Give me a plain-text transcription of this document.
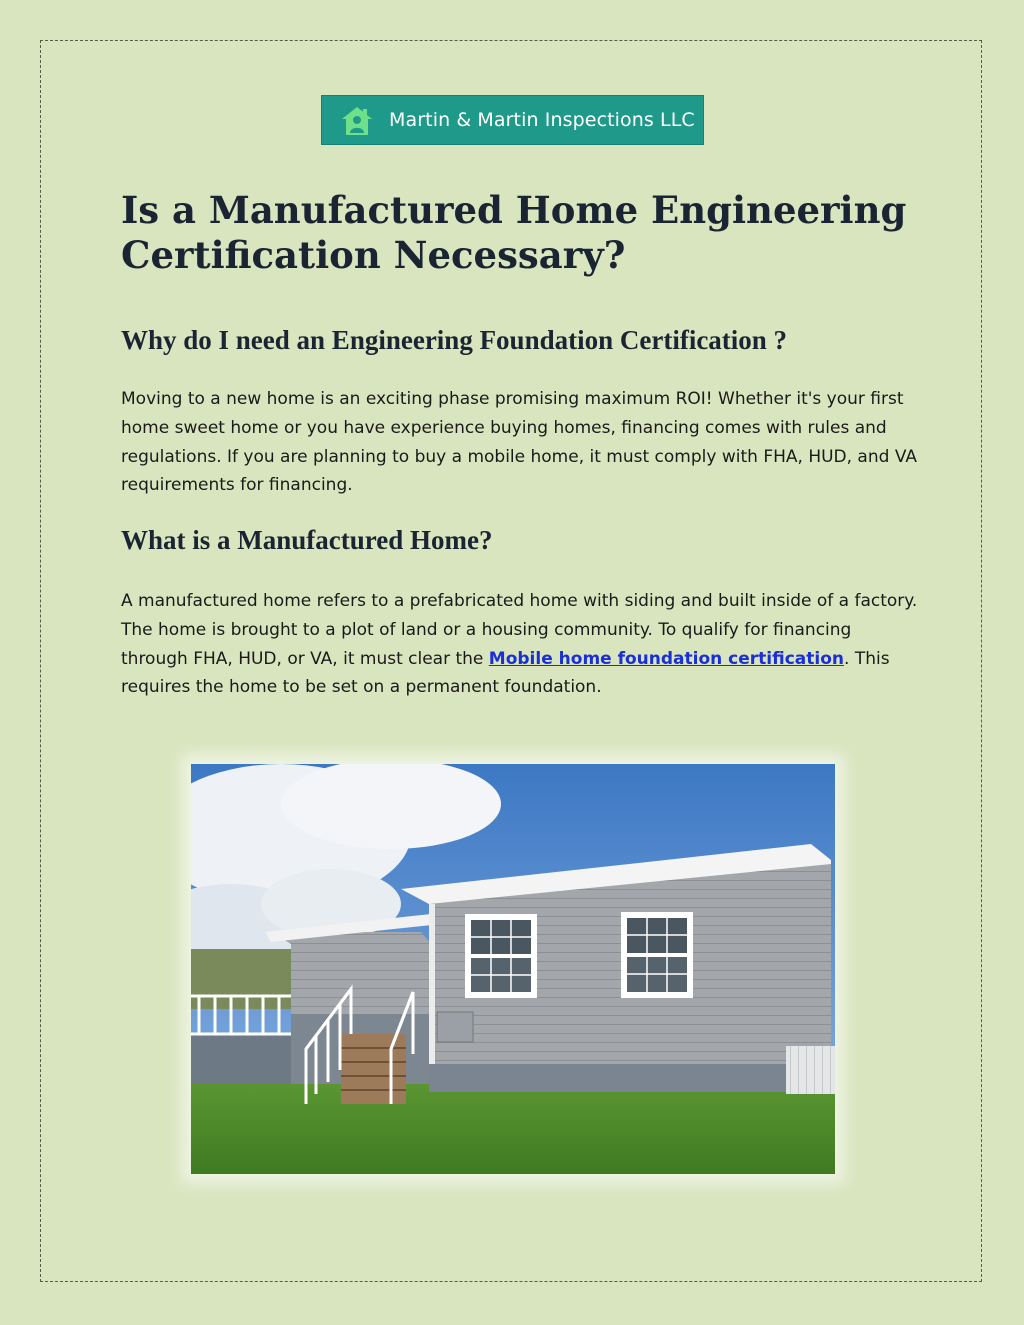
Martin & Martin Inspections LLC
Is a Manufactured Home Engineering Certification Necessary?
Why do I need an Engineering Foundation Certification ?

Moving to a new home is an exciting phase promising maximum ROI! Whether it's your first home sweet home or you have experience buying homes, financing comes with rules and regulations. If you are planning to buy a mobile home, it must comply with FHA, HUD, and VA requirements for financing.

What is a Manufactured Home?

A manufactured home refers to a prefabricated home with siding and built inside of a factory. The home is brought to a plot of land or a housing community. To qualify for financing through FHA, HUD, or VA, it must clear the Mobile home foundation certification. This requires the home to be set on a permanent foundation.
